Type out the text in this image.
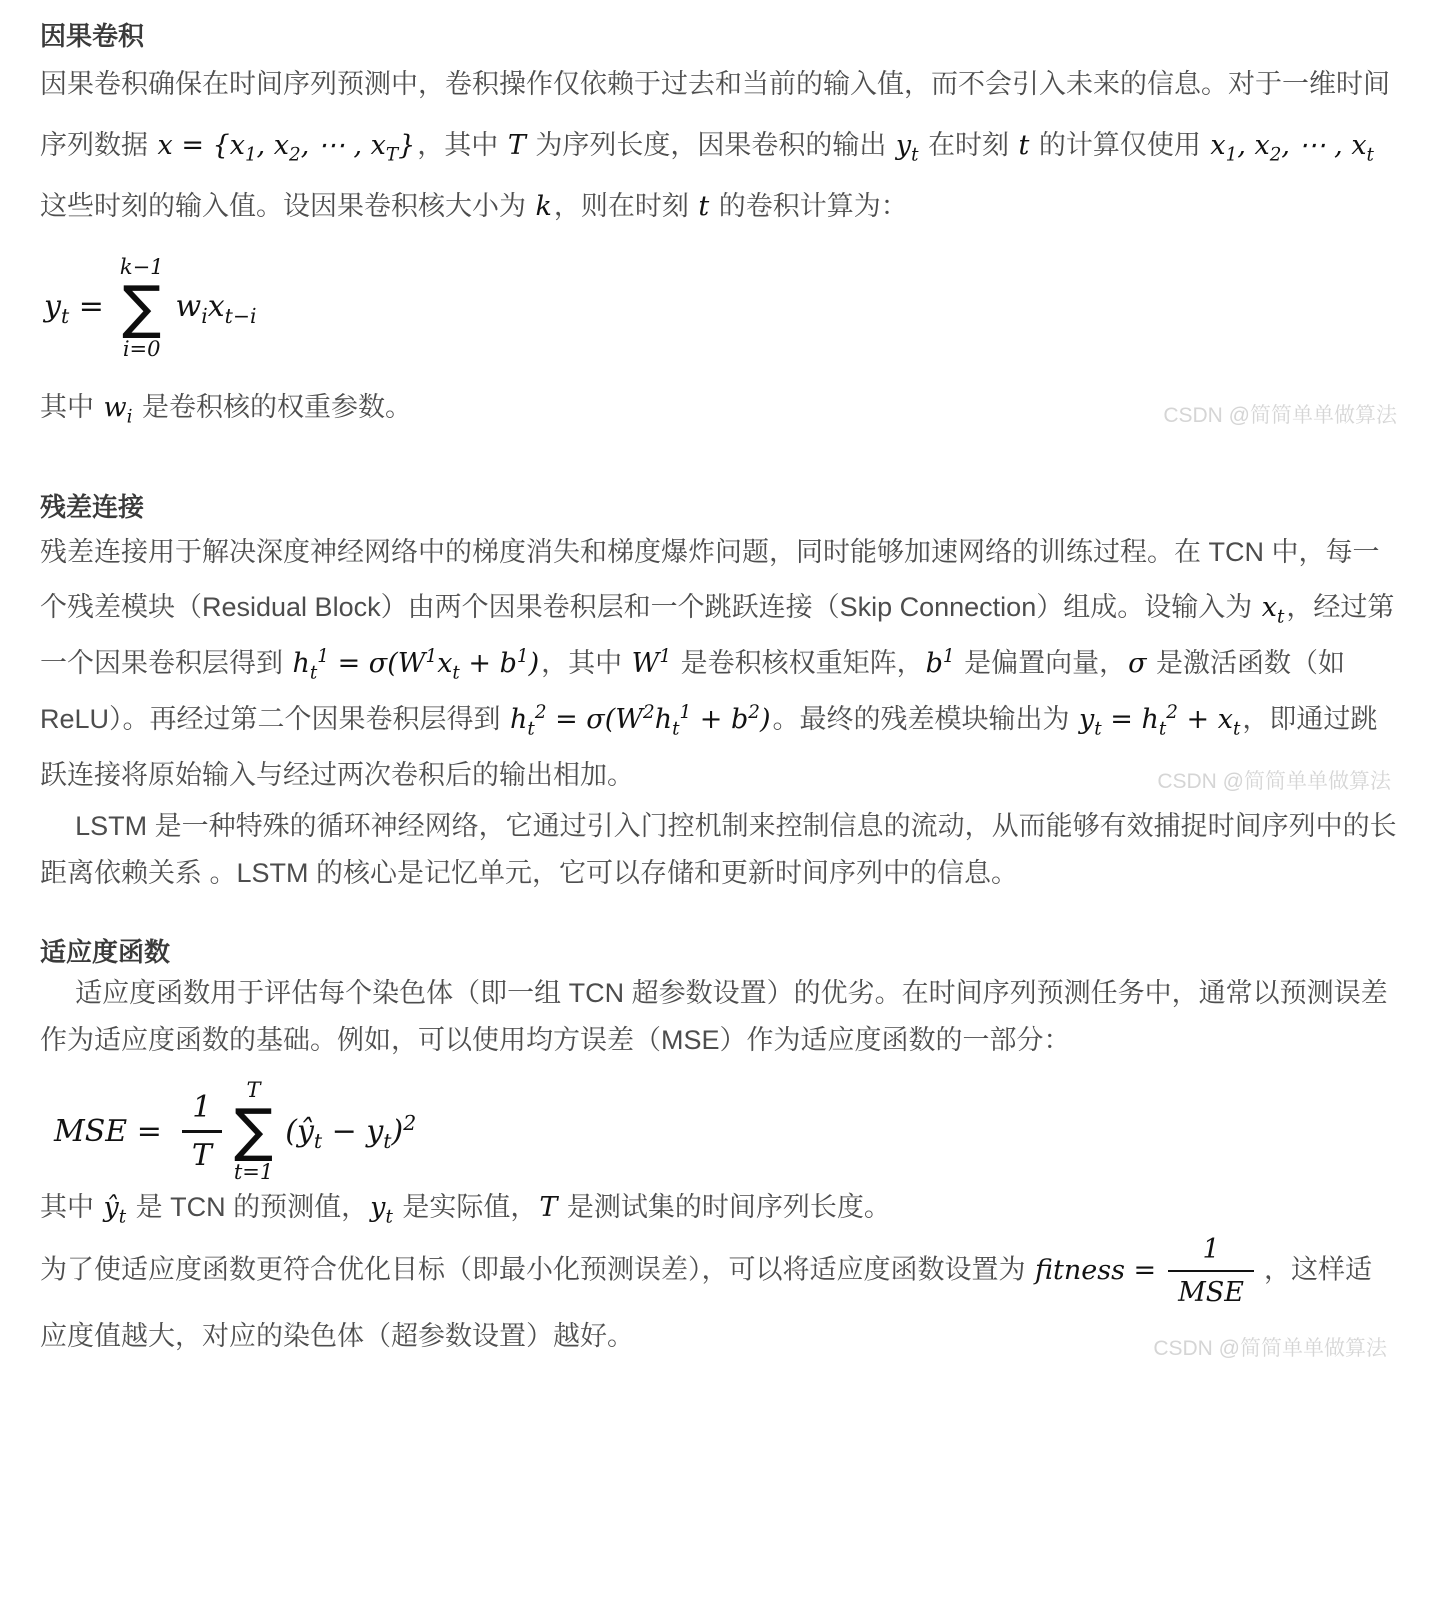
因果卷积

因果卷积确保在时间序列预测中，卷积操作仅依赖于过去和当前的输入值，而不会引入未来的信息。对于一维时间序列数据 $x = \{x_1$, $x_2$, ⋯ , $x_T$}，其中 T 为序列长度，因果卷积的输出 $y_t$ 在时刻 t 的计算仅使用 $x_1$, $x_2$, ⋯ , $x_t$ 这些时刻的输入值。设因果卷积核大小为 k，则在时刻 t 的卷积计算为：

$y_t$ =
k−1
∑
i=0
$w_ix_{t-i}$

其中 $w_i$ 是卷积核的权重参数。	CSDN @简简单单做算法
残差连接

残差连接用于解决深度神经网络中的梯度消失和梯度爆炸问题，同时能够加速网络的训练过程。在 TCN 中，每一个残差模块（Residual Block）由两个因果卷积层和一个跳跃连接（Skip Connection）组成。设输入为 $x_t$，经过第一个因果卷积层得到 $h_t^1 = \sigma(W^1x_t + b^1)$，其中 $W^1$ 是卷积核权重矩阵，$b^1$ 是偏置向量，σ 是激活函数（如 ReLU）。再经过第二个因果卷积层得到 $h_t^2 = \sigma(W^2h_t^1 + b^2)$。最终的残差模块输出为 $y_t = h_t^2 + x_t$，即通过跳跃连接将原始输入与经过两次卷积后的输出相加。	CSDN @简简单单做算法

LSTM 是一种特殊的循环神经网络，它通过引入门控机制来控制信息的流动，从而能够有效捕捉时间序列中的长距离依赖关系 。LSTM 的核心是记忆单元，它可以存储和更新时间序列中的信息。

适应度函数

适应度函数用于评估每个染色体（即一组 TCN 超参数设置）的优劣。在时间序列预测任务中，通常以预测误差作为适应度函数的基础。例如，可以使用均方误差（MSE）作为适应度函数的一部分：

MSE = $\frac{1}{T}$ T
∑
t=1
$(ŷ_t - y_t)^2$

其中 $ŷ_t$ 是 TCN 的预测值，$y_t$ 是实际值，T 是测试集的时间序列长度。

为了使适应度函数更符合优化目标（即最小化预测误差），可以将适应度函数设置为 fitness =
1
MSE
，这样适应度值越大，对应的染色体（超参数设置）越好。	CSDN @简简单单做算法
